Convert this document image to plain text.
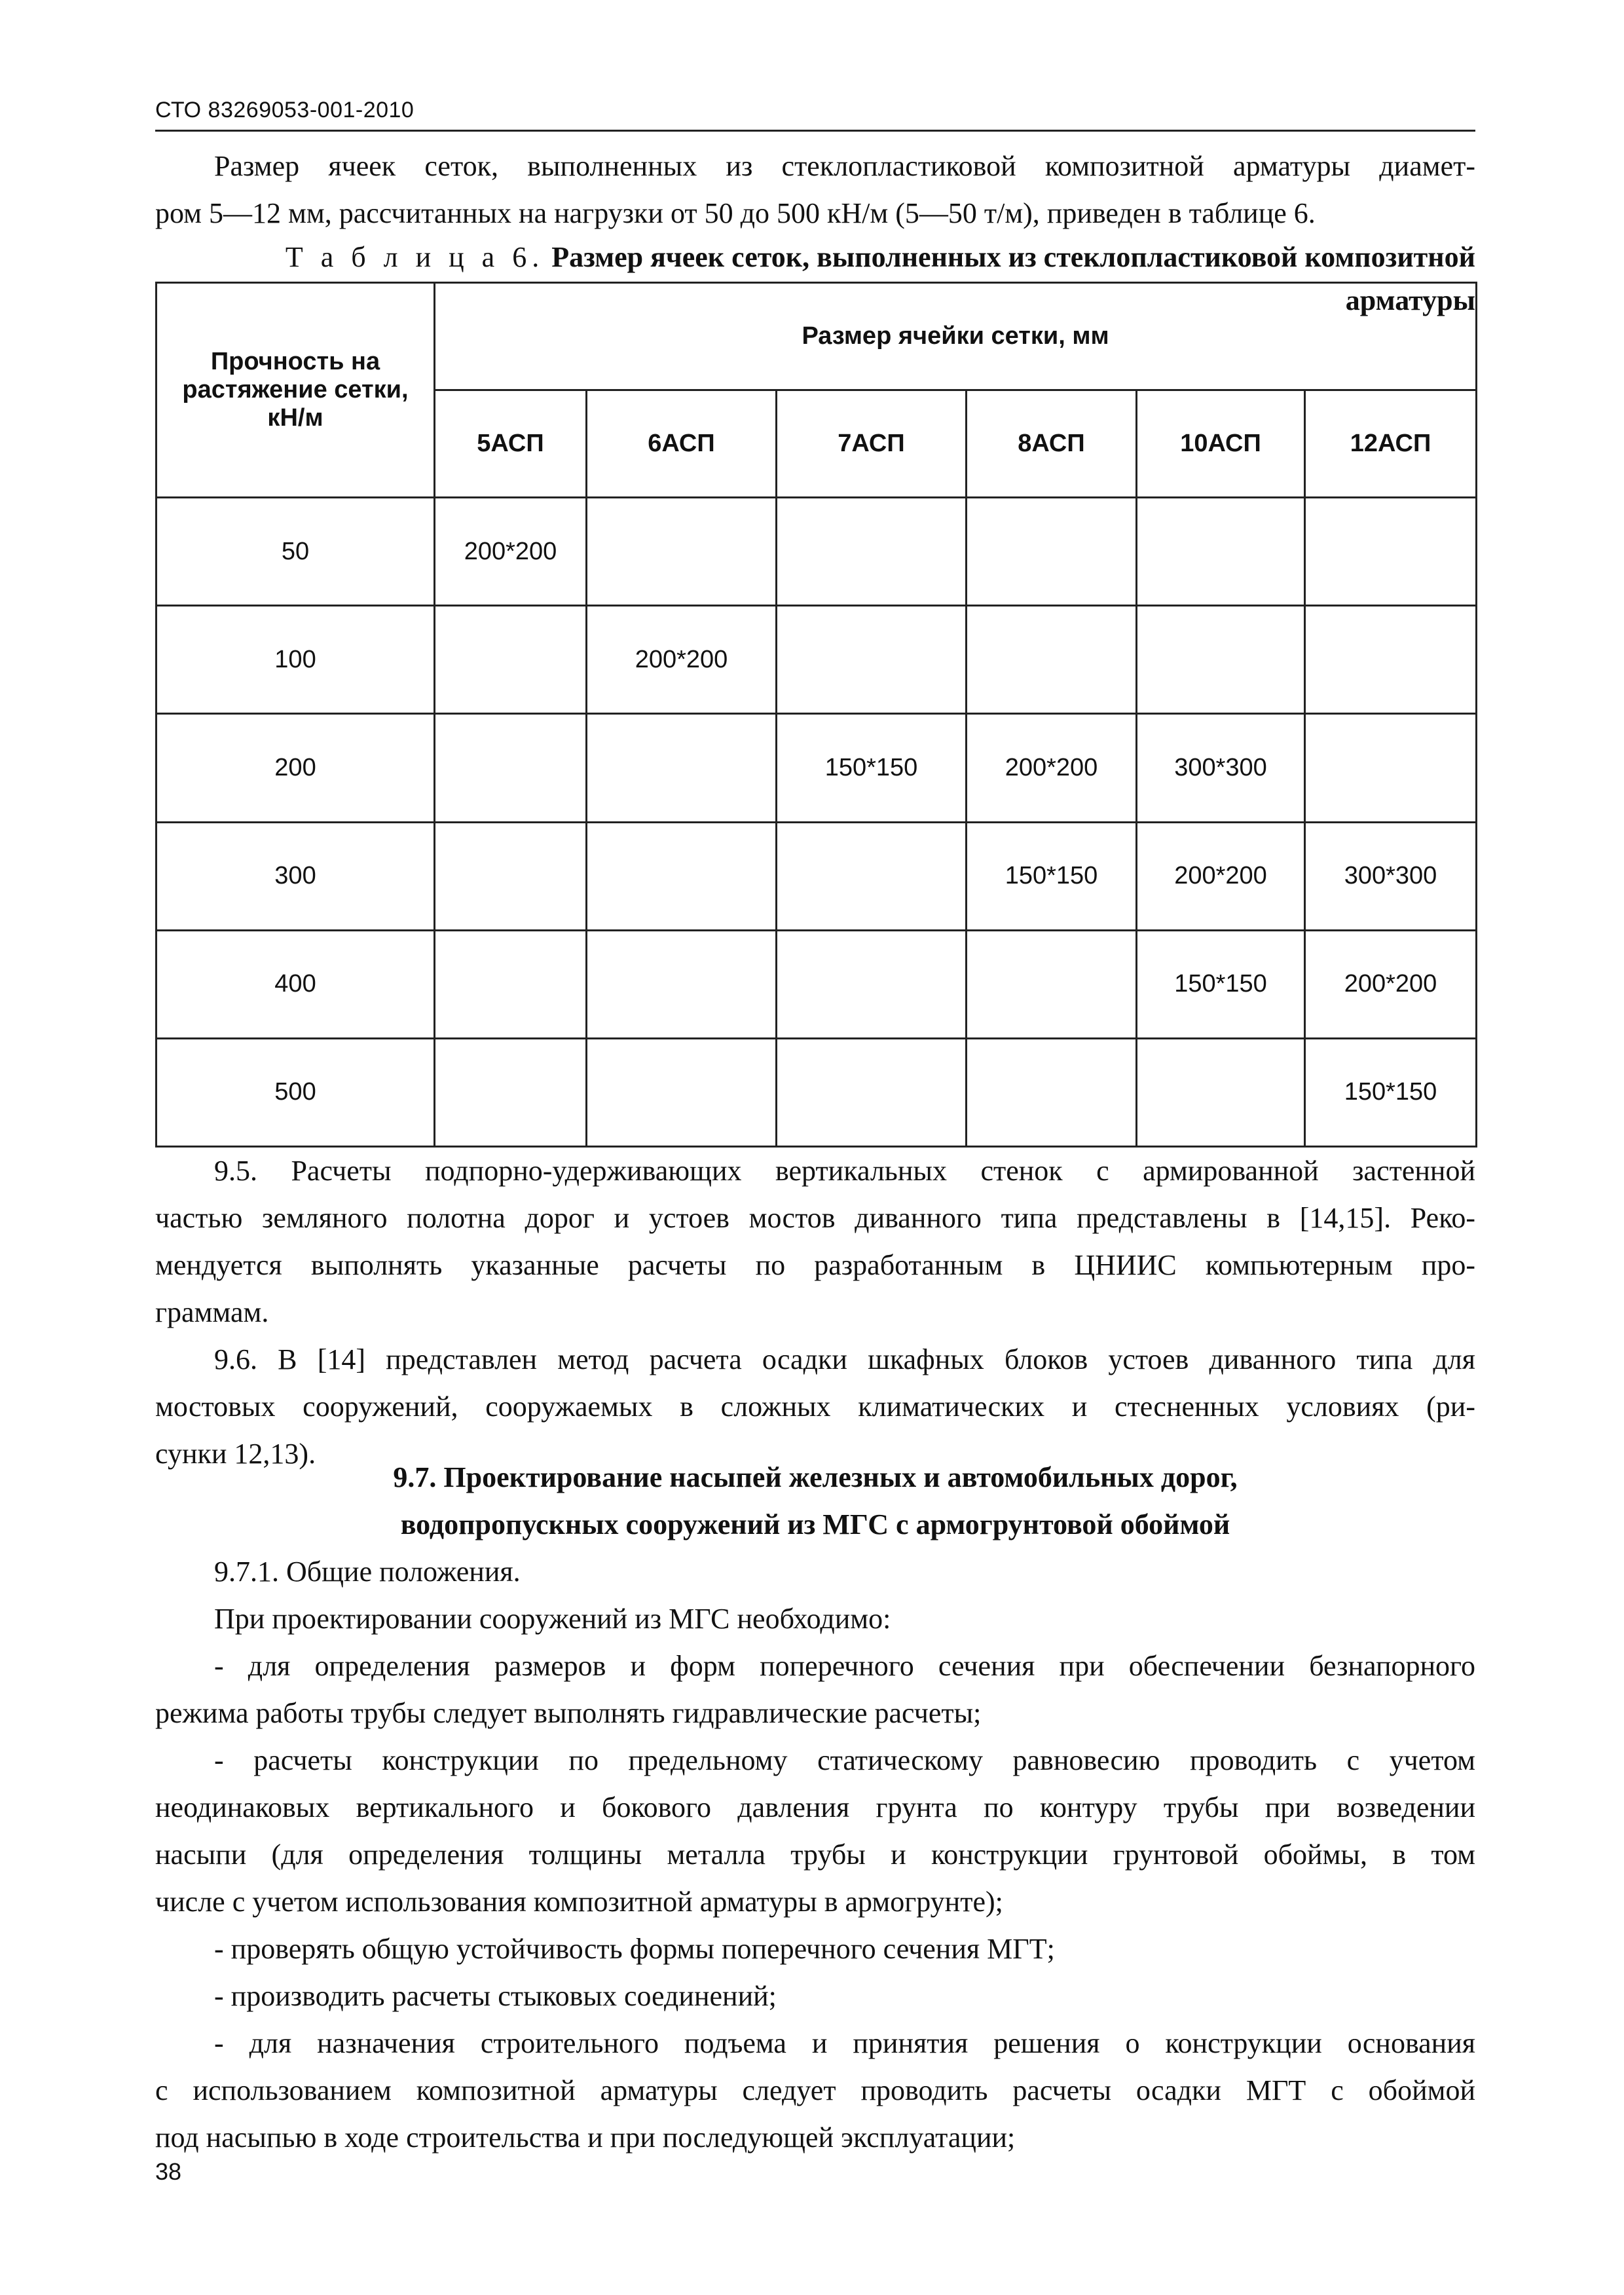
СТО 83269053-001-2010
Размер ячеек сеток, выполненных из стеклопластиковой композитной арматуры диамет-
ром 5—12 мм, рассчитанных на нагрузки от 50 до 500 кН/м (5—50 т/м), приведен в таблице 6.
Т а б л и ц а 6. Размер ячеек сеток, выполненных из стеклопластиковой композитной арматуры
Прочность на растяжение сетки, кН/м	Размер ячейки сетки, мм					
	5АСП	6АСП	7АСП	8АСП	10АСП	12АСП
50	200*200					
100		200*200				
200			150*150	200*200	300*300	
300				150*150	200*200	300*300
400					150*150	200*200
500						150*150
9.5. Расчеты подпорно-удерживающих вертикальных стенок с армированной застенной
частью земляного полотна дорог и устоев мостов диванного типа представлены в [14,15]. Реко-
мендуется выполнять указанные расчеты по разработанным в ЦНИИС компьютерным про-
граммам.
9.6. В [14] представлен метод расчета осадки шкафных блоков устоев диванного типа для
мостовых сооружений, сооружаемых в сложных климатических и стесненных условиях (ри-
сунки 12,13).
9.7. Проектирование насыпей железных и автомобильных дорог,
водопропускных сооружений из МГС с армогрунтовой обоймой
9.7.1. Общие положения.
При проектировании сооружений из МГС необходимо:
- для определения размеров и форм поперечного сечения при обеспечении безнапорного
режима работы трубы следует выполнять гидравлические расчеты;
- расчеты конструкции по предельному статическому равновесию проводить с учетом
неодинаковых вертикального и бокового давления грунта по контуру трубы при возведении
насыпи (для определения толщины металла трубы и конструкции грунтовой обоймы, в том
числе с учетом использования композитной арматуры в армогрунте);
- проверять общую устойчивость формы поперечного сечения МГТ;
- производить расчеты стыковых соединений;
- для назначения строительного подъема и принятия решения о конструкции основания
с использованием композитной арматуры следует проводить расчеты осадки МГТ с обоймой
под насыпью в ходе строительства и при последующей эксплуатации;
38
